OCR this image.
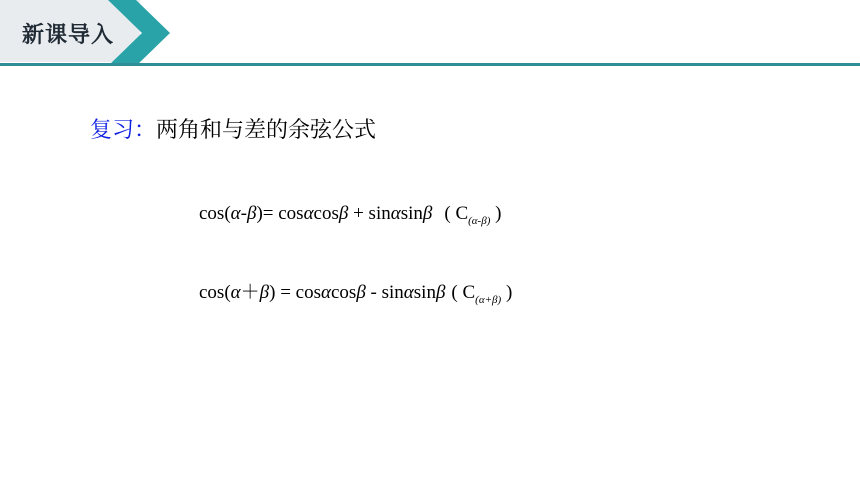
新课导入
复习：两角和与差的余弦公式
cos(α-β)= cosαcosβ + sinαsinβ ( $C_{(\alpha-\beta)}$ )
cos(α＋β) = cosαcosβ - sinαsinβ ( $C_{(\alpha+\beta)}$ )
